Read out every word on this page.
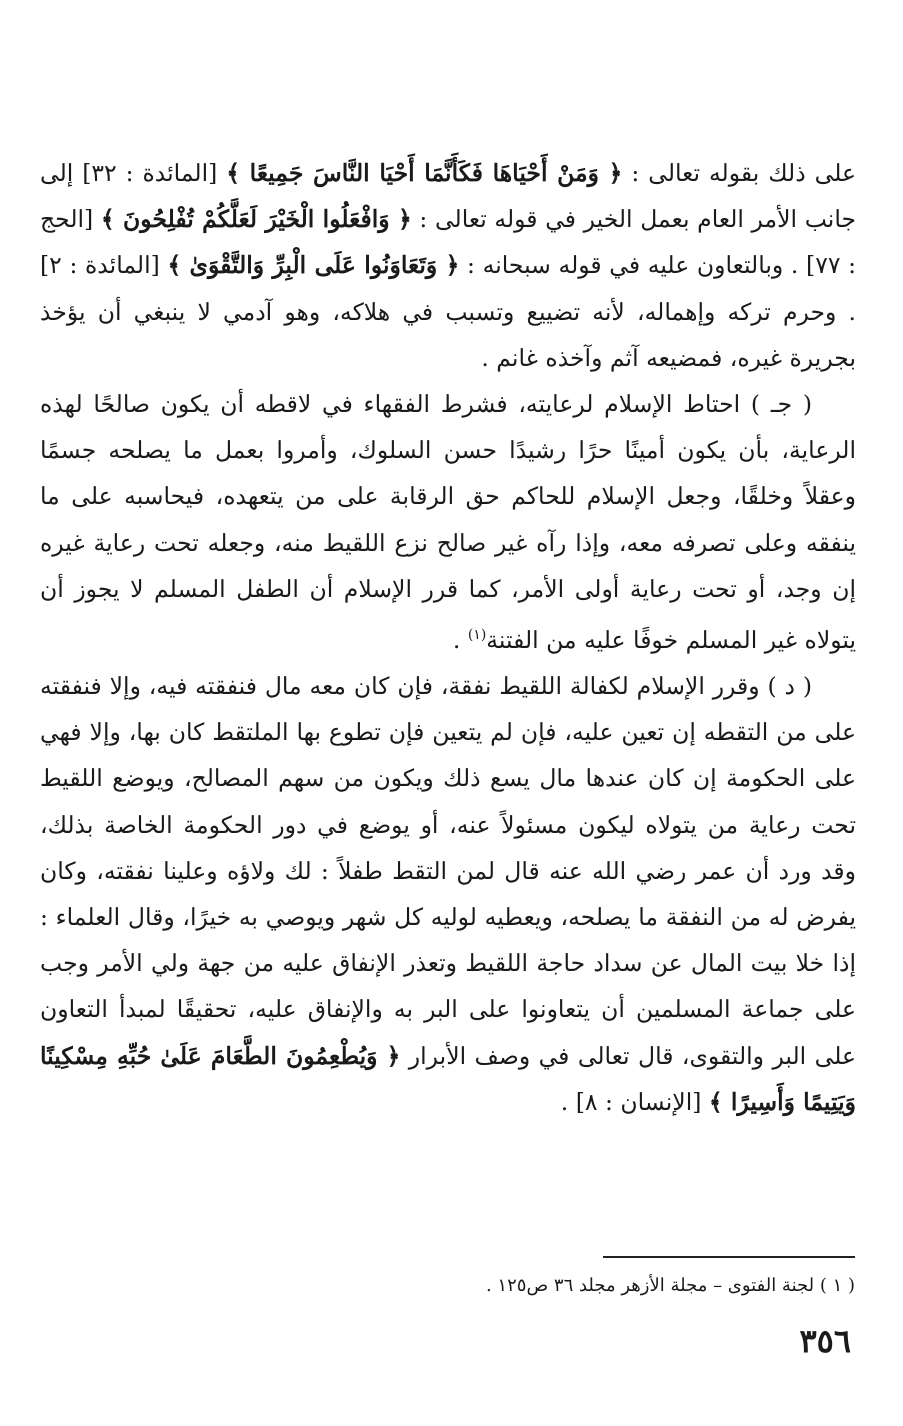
على ذلك بقوله تعالى : ﴿ وَمَنْ أَحْيَاهَا فَكَأَنَّمَا أَحْيَا النَّاسَ جَمِيعًا ﴾ [المائدة : ٣٢] إلى جانب الأمر العام بعمل الخير في قوله تعالى : ﴿ وَافْعَلُوا الْخَيْرَ لَعَلَّكُمْ تُفْلِحُونَ ﴾ [الحج : ٧٧] . وبالتعاون عليه في قوله سبحانه : ﴿ وَتَعَاوَنُوا عَلَى الْبِرِّ وَالتَّقْوَىٰ ﴾ [المائدة : ٢] . وحرم تركه وإهماله، لأنه تضييع وتسبب في هلاكه، وهو آدمي لا ينبغي أن يؤخذ بجريرة غيره، فمضيعه آثم وآخذه غانم .

( جـ ) احتاط الإسلام لرعايته، فشرط الفقهاء في لاقطه أن يكون صالحًا لهذه الرعاية، بأن يكون أمينًا حرًا رشيدًا حسن السلوك، وأمروا بعمل ما يصلحه جسمًا وعقلاً وخلقًا، وجعل الإسلام للحاكم حق الرقابة على من يتعهده، فيحاسبه على ما ينفقه وعلى تصرفه معه، وإذا رآه غير صالح نزع اللقيط منه، وجعله تحت رعاية غيره إن وجد، أو تحت رعاية أولى الأمر، كما قرر الإسلام أن الطفل المسلم لا يجوز أن يتولاه غير المسلم خوفًا عليه من الفتنة$^{(١)}$ .

( د ) وقرر الإسلام لكفالة اللقيط نفقة، فإن كان معه مال فنفقته فيه، وإلا فنفقته على من التقطه إن تعين عليه، فإن لم يتعين فإن تطوع بها الملتقط كان بها، وإلا فهي على الحكومة إن كان عندها مال يسع ذلك ويكون من سهم المصالح، ويوضع اللقيط تحت رعاية من يتولاه ليكون مسئولاً عنه، أو يوضع في دور الحكومة الخاصة بذلك، وقد ورد أن عمر رضي الله عنه قال لمن التقط طفلاً : لك ولاؤه وعلينا نفقته، وكان يفرض له من النفقة ما يصلحه، ويعطيه لوليه كل شهر ويوصي به خيرًا، وقال العلماء : إذا خلا بيت المال عن سداد حاجة اللقيط وتعذر الإنفاق عليه من جهة ولي الأمر وجب على جماعة المسلمين أن يتعاونوا على البر به والإنفاق عليه، تحقيقًا لمبدأ التعاون على البر والتقوى، قال تعالى في وصف الأبرار ﴿ وَيُطْعِمُونَ الطَّعَامَ عَلَىٰ حُبِّهِ مِسْكِينًا وَيَتِيمًا وَأَسِيرًا ﴾ [الإنسان : ٨] .

( ١ ) لجنة الفتوى – مجلة الأزهر مجلد ٣٦ ص١٢٥ .
٣٥٦
